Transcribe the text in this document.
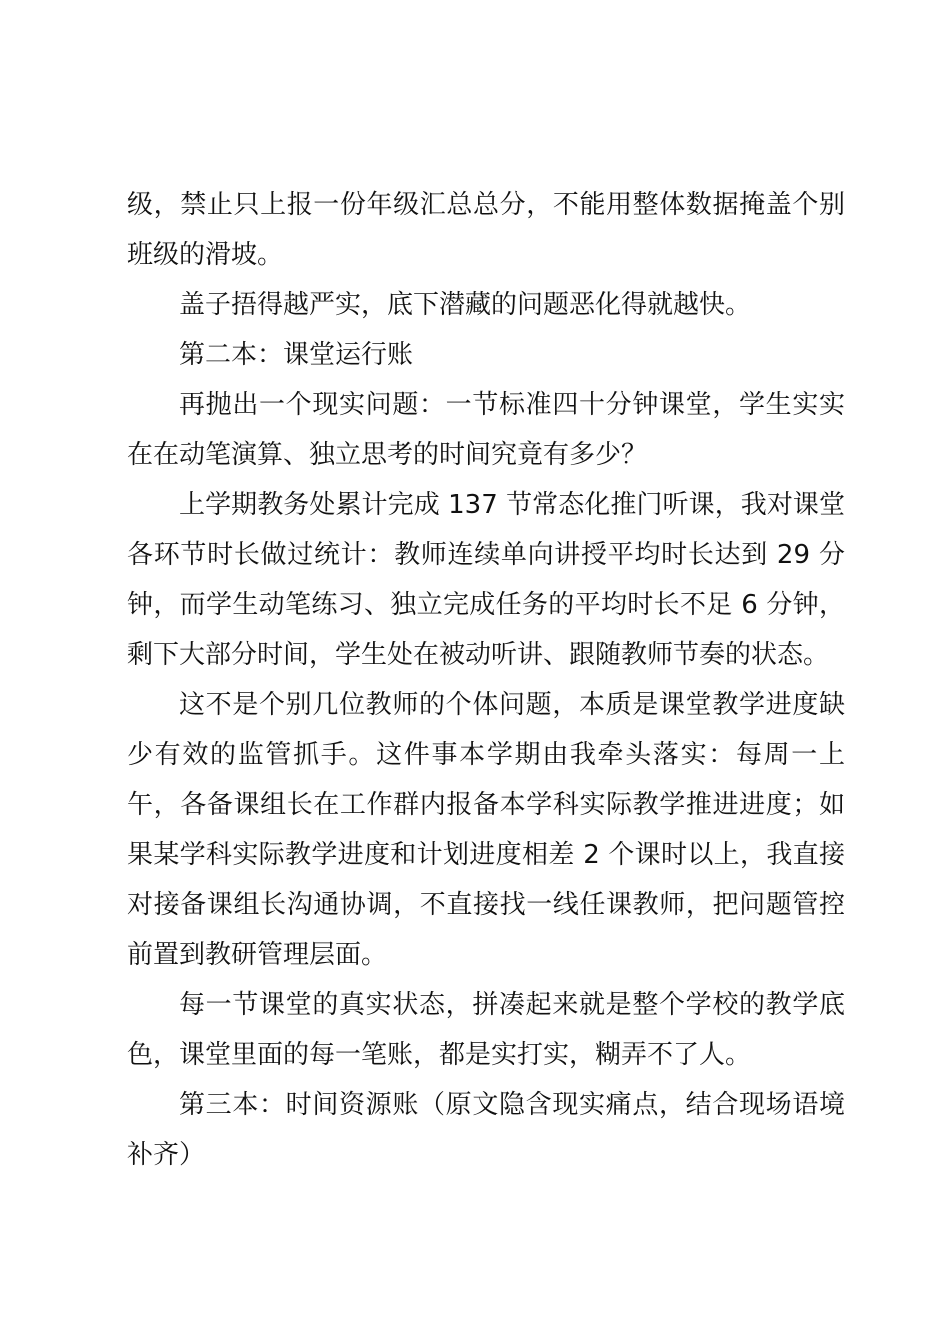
级，禁止只上报一份年级汇总总分，不能用整体数据掩盖个别班级的滑坡。

盖子捂得越严实，底下潜藏的问题恶化得就越快。

第二本：课堂运行账

再抛出一个现实问题：一节标准四十分钟课堂，学生实实在在动笔演算、独立思考的时间究竟有多少？

上学期教务处累计完成 137 节常态化推门听课，我对课堂各环节时长做过统计：教师连续单向讲授平均时长达到 29 分钟，而学生动笔练习、独立完成任务的平均时长不足 6 分钟，剩下大部分时间，学生处在被动听讲、跟随教师节奏的状态。

这不是个别几位教师的个体问题，本质是课堂教学进度缺少有效的监管抓手。这件事本学期由我牵头落实：每周一上午，各备课组长在工作群内报备本学科实际教学推进进度；如果某学科实际教学进度和计划进度相差 2 个课时以上，我直接对接备课组长沟通协调，不直接找一线任课教师，把问题管控前置到教研管理层面。

每一节课堂的真实状态，拼凑起来就是整个学校的教学底色，课堂里面的每一笔账，都是实打实，糊弄不了人。

第三本：时间资源账（原文隐含现实痛点，结合现场语境补齐）
